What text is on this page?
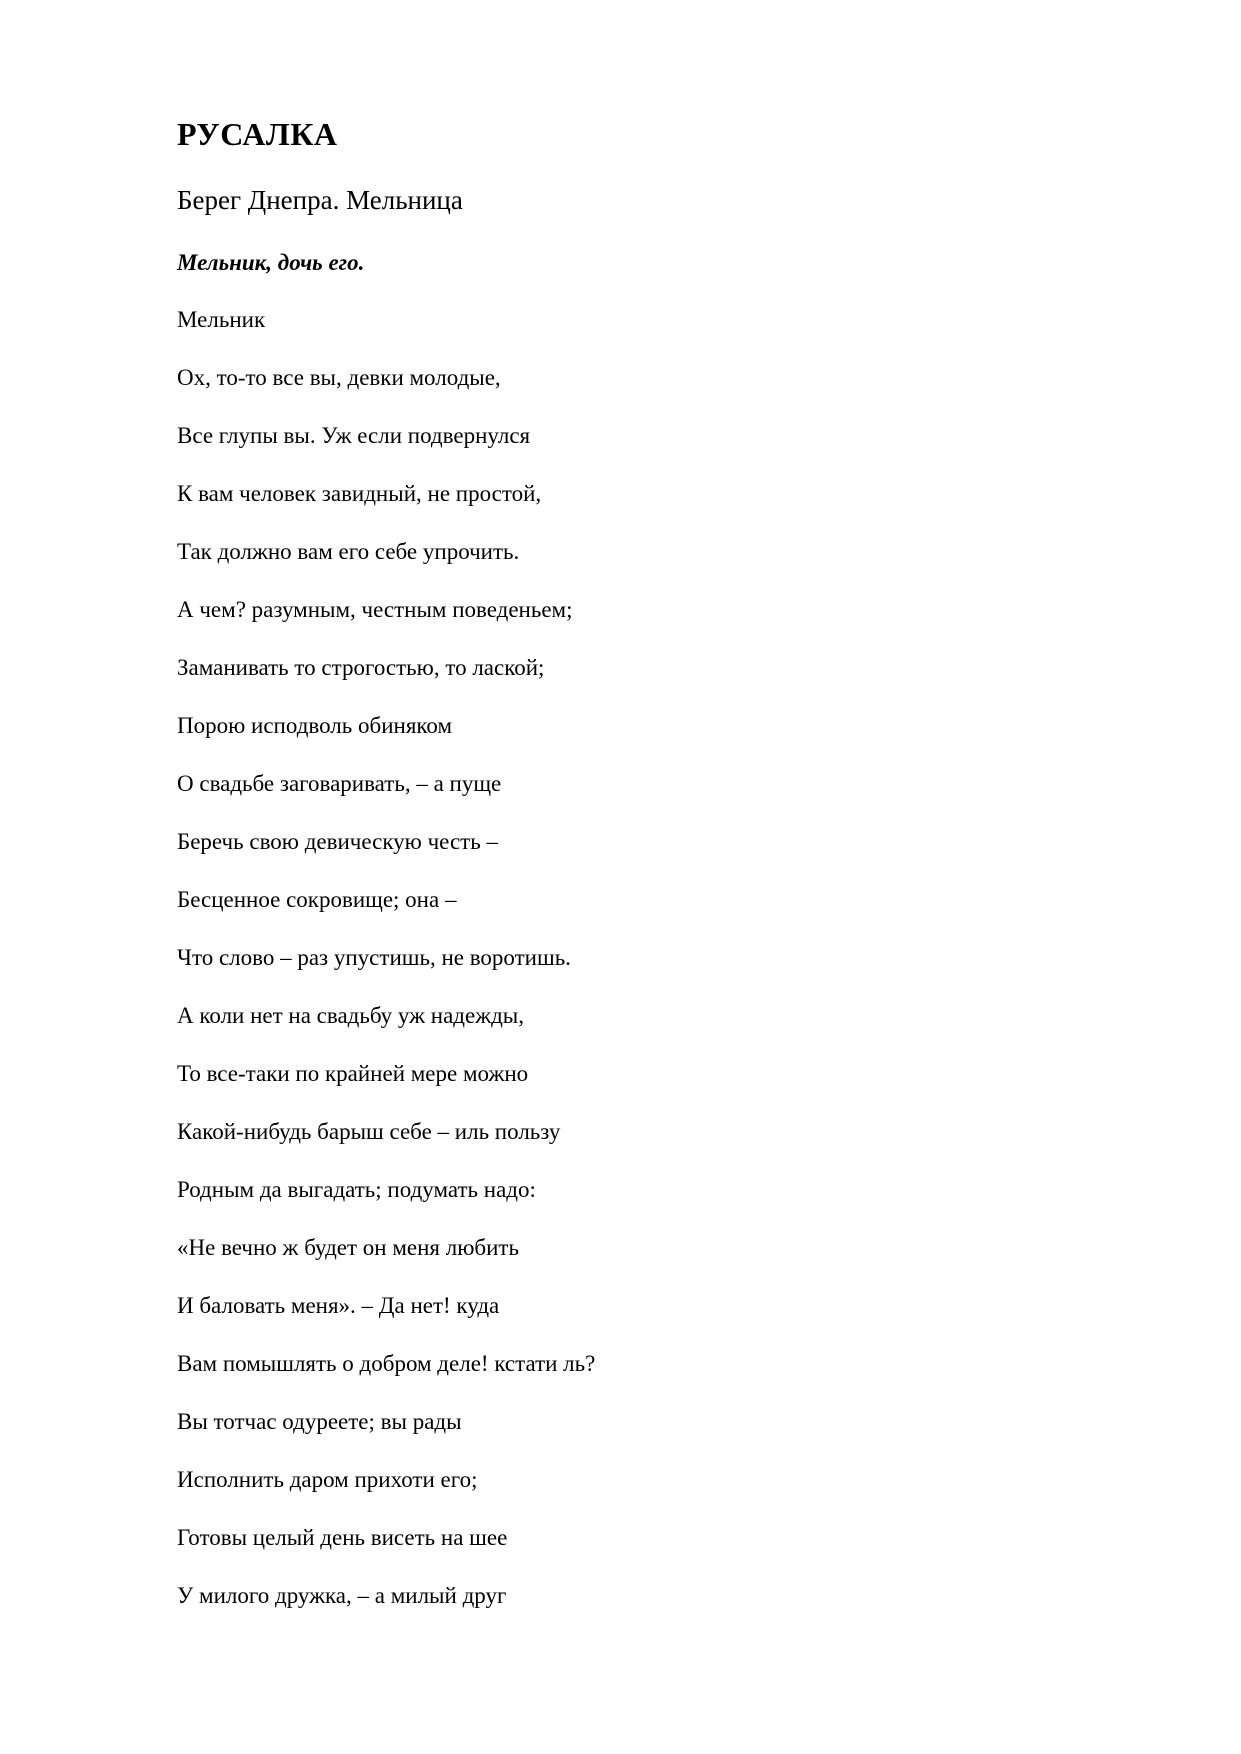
РУСАЛКА
Берег Днепра. Мельница

Мельник, дочь его.

Мельник

Ох, то-то все вы, девки молодые,
Все глупы вы. Уж если подвернулся
К вам человек завидный, не простой,
Так должно вам его себе упрочить.
А чем? разумным, честным поведеньем;
Заманивать то строгостью, то лаской;
Порою исподволь обиняком
О свадьбе заговаривать, – а пуще
Беречь свою девическую честь –
Бесценное сокровище; она –
Что слово – раз упустишь, не воротишь.
А коли нет на свадьбу уж надежды,
То все-таки по крайней мере можно
Какой-нибудь барыш себе – иль пользу
Родным да выгадать; подумать надо:
«Не вечно ж будет он меня любить
И баловать меня». – Да нет! куда
Вам помышлять о добром деле! кстати ль?
Вы тотчас одуреете; вы рады
Исполнить даром прихоти его;
Готовы целый день висеть на шее
У милого дружка, – а милый друг
